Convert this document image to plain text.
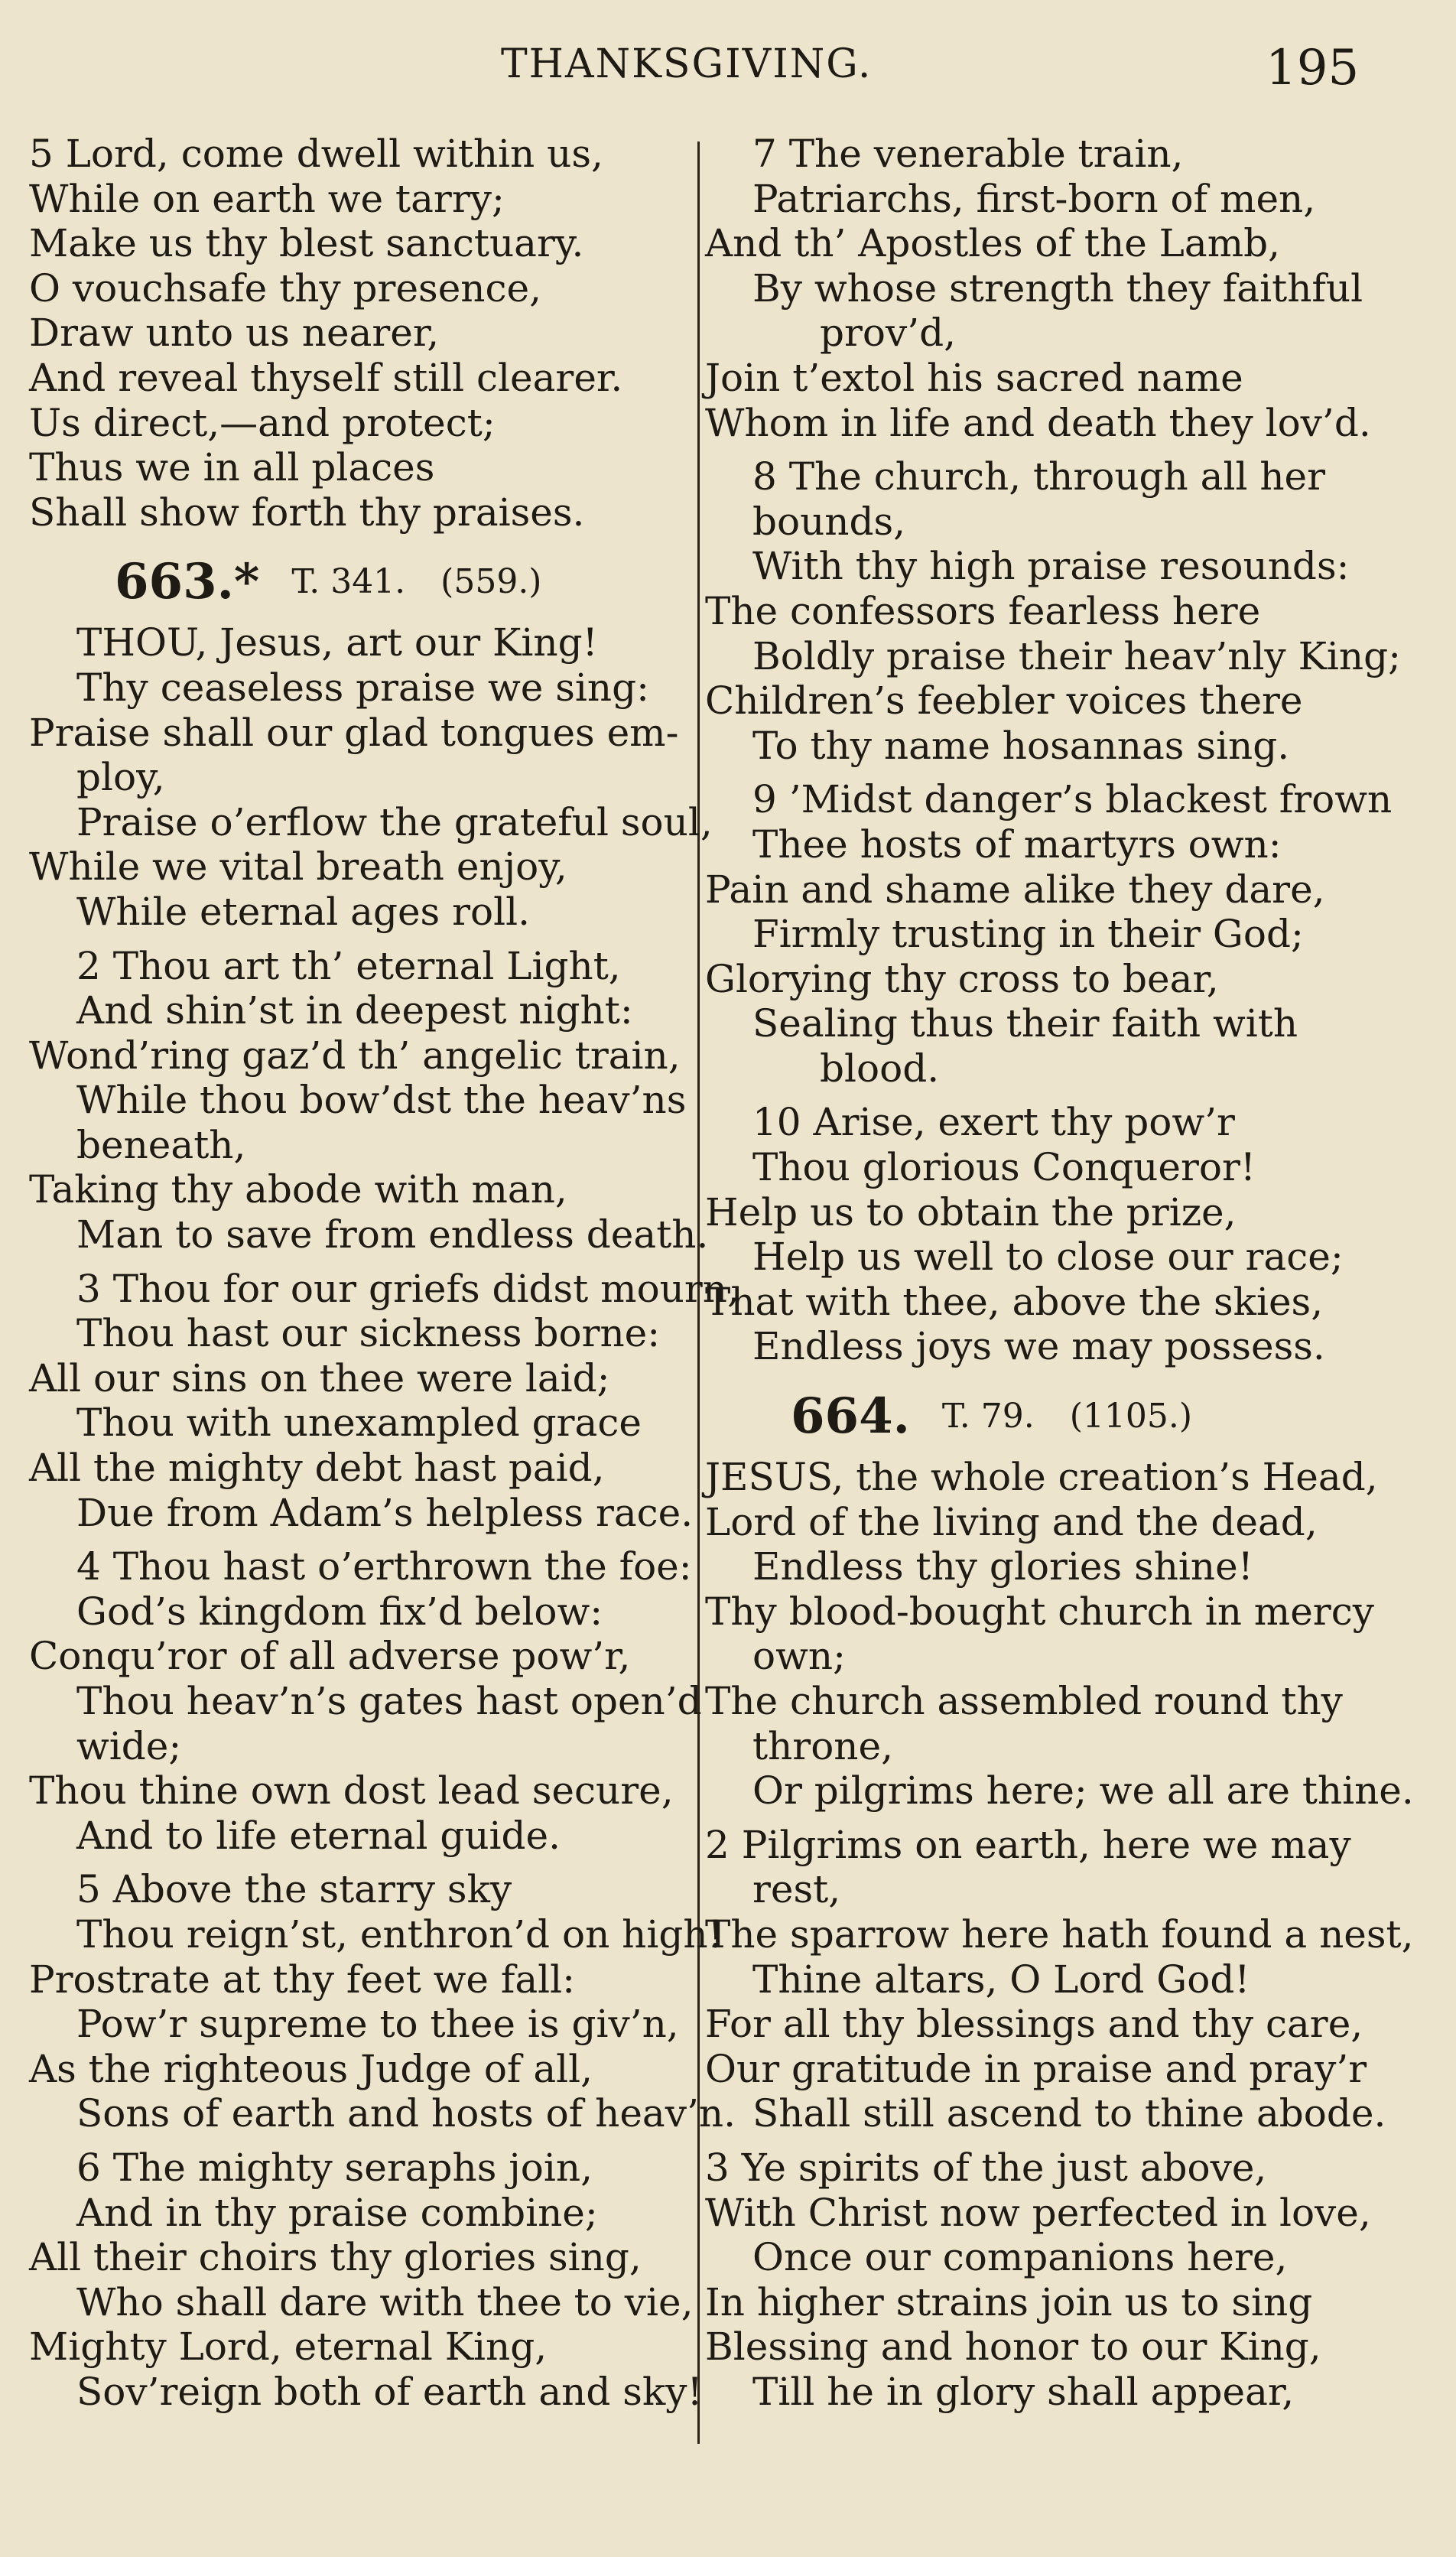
THANKSGIVING.	195
5 Lord, come dwell within us,
While on earth we tarry;
Make us thy blest sanctuary.
O vouchsafe thy presence,
Draw unto us nearer,
And reveal thyself still clearer.
Us direct,—and protect;
Thus we in all places
Shall show forth thy praises.
663.* T. 341. (559.)
THOU, Jesus, art our King!
Thy ceaseless praise we sing:
Praise shall our glad tongues em-
ploy,
Praise o’erflow the grateful soul,
While we vital breath enjoy,
While eternal ages roll.
2 Thou art th’ eternal Light,
And shin’st in deepest night:
Wond’ring gaz’d th’ angelic train,
While thou bow’dst the heav’ns
beneath,
Taking thy abode with man,
Man to save from endless death.
3 Thou for our griefs didst mourn,
Thou hast our sickness borne:
All our sins on thee were laid;
Thou with unexampled grace
All the mighty debt hast paid,
Due from Adam’s helpless race.
4 Thou hast o’erthrown the foe:
God’s kingdom fix’d below:
Conqu’ror of all adverse pow’r,
Thou heav’n’s gates hast open’d
wide;
Thou thine own dost lead secure,
And to life eternal guide.
5 Above the starry sky
Thou reign’st, enthron’d on high!
Prostrate at thy feet we fall:
Pow’r supreme to thee is giv’n,
As the righteous Judge of all,
Sons of earth and hosts of heav’n.
6 The mighty seraphs join,
And in thy praise combine;
All their choirs thy glories sing,
Who shall dare with thee to vie,
Mighty Lord, eternal King,
Sov’reign both of earth and sky!
7 The venerable train,
Patriarchs, first-born of men,
And th’ Apostles of the Lamb,
By whose strength they faithful
prov’d,
Join t’extol his sacred name
Whom in life and death they lov’d.
8 The church, through all her
bounds,
With thy high praise resounds:
The confessors fearless here
Boldly praise their heav’nly King;
Children’s feebler voices there
To thy name hosannas sing.
9 ’Midst danger’s blackest frown
Thee hosts of martyrs own:
Pain and shame alike they dare,
Firmly trusting in their God;
Glorying thy cross to bear,
Sealing thus their faith with
blood.
10 Arise, exert thy pow’r
Thou glorious Conqueror!
Help us to obtain the prize,
Help us well to close our race;
That with thee, above the skies,
Endless joys we may possess.
664. T. 79. (1105.)
JESUS, the whole creation’s Head,
Lord of the living and the dead,
Endless thy glories shine!
Thy blood-bought church in mercy
own;
The church assembled round thy
throne,
Or pilgrims here; we all are thine.
2 Pilgrims on earth, here we may
rest,
The sparrow here hath found a nest,
Thine altars, O Lord God!
For all thy blessings and thy care,
Our gratitude in praise and pray’r
Shall still ascend to thine abode.
3 Ye spirits of the just above,
With Christ now perfected in love,
Once our companions here,
In higher strains join us to sing
Blessing and honor to our King,
Till he in glory shall appear,
